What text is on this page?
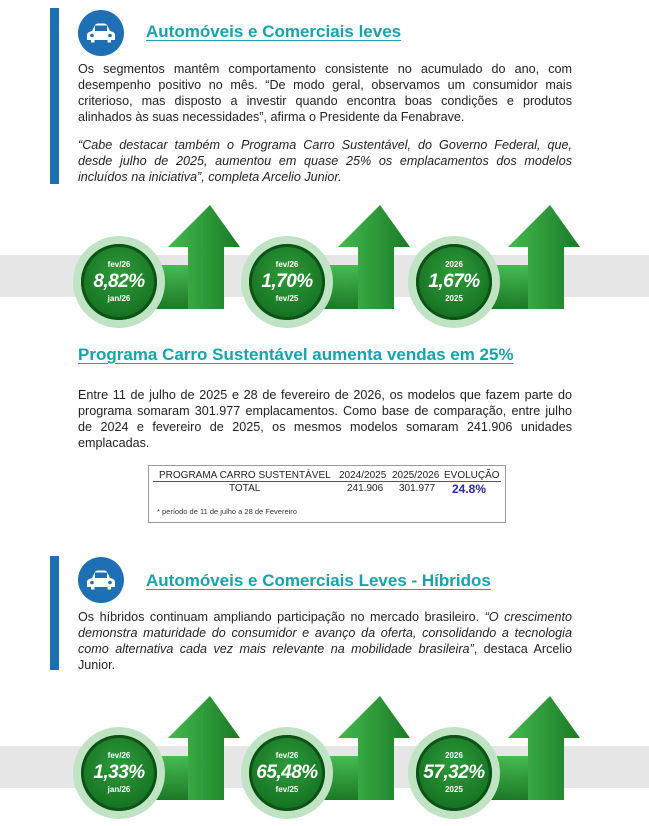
Automóveis e Comerciais leves
Os segmentos mantêm comportamento consistente no acumulado do ano, com desempenho positivo no mês. “De modo geral, observamos um consumidor mais criterioso, mas disposto a investir quando encontra boas condições e produtos alinhados às suas necessidades”, afirma o Presidente da Fenabrave.
“Cabe destacar também o Programa Carro Sustentável, do Governo Federal, que, desde julho de 2025, aumentou em quase 25% os emplacamentos dos modelos incluídos na iniciativa”, completa Arcelio Junior.
fev/26
8,82%
jan/26
fev/26
1,70%
fev/25
2026
1,67%
2025
Programa Carro Sustentável aumenta vendas em 25%
Entre 11 de julho de 2025 e 28 de fevereiro de 2026, os modelos que fazem parte do programa somaram 301.977 emplacamentos. Como base de comparação, entre julho de 2024 e fevereiro de 2025, os mesmos modelos somaram 241.906 unidades emplacadas.
PROGRAMA CARRO SUSTENTÁVEL 2024/2025 2025/2026 EVOLUÇÃO
TOTAL	241.906 301.977 24.8%
* período de 11 de julho a 28 de Fevereiro
Automóveis e Comerciais Leves - Híbridos
Os híbridos continuam ampliando participação no mercado brasileiro. “O crescimento demonstra maturidade do consumidor e avanço da oferta, consolidando a tecnologia como alternativa cada vez mais relevante na mobilidade brasileira”, destaca Arcelio Junior.
fev/26
1,33%
jan/26
fev/26
65,48%
fev/25
2026
57,32%
2025
